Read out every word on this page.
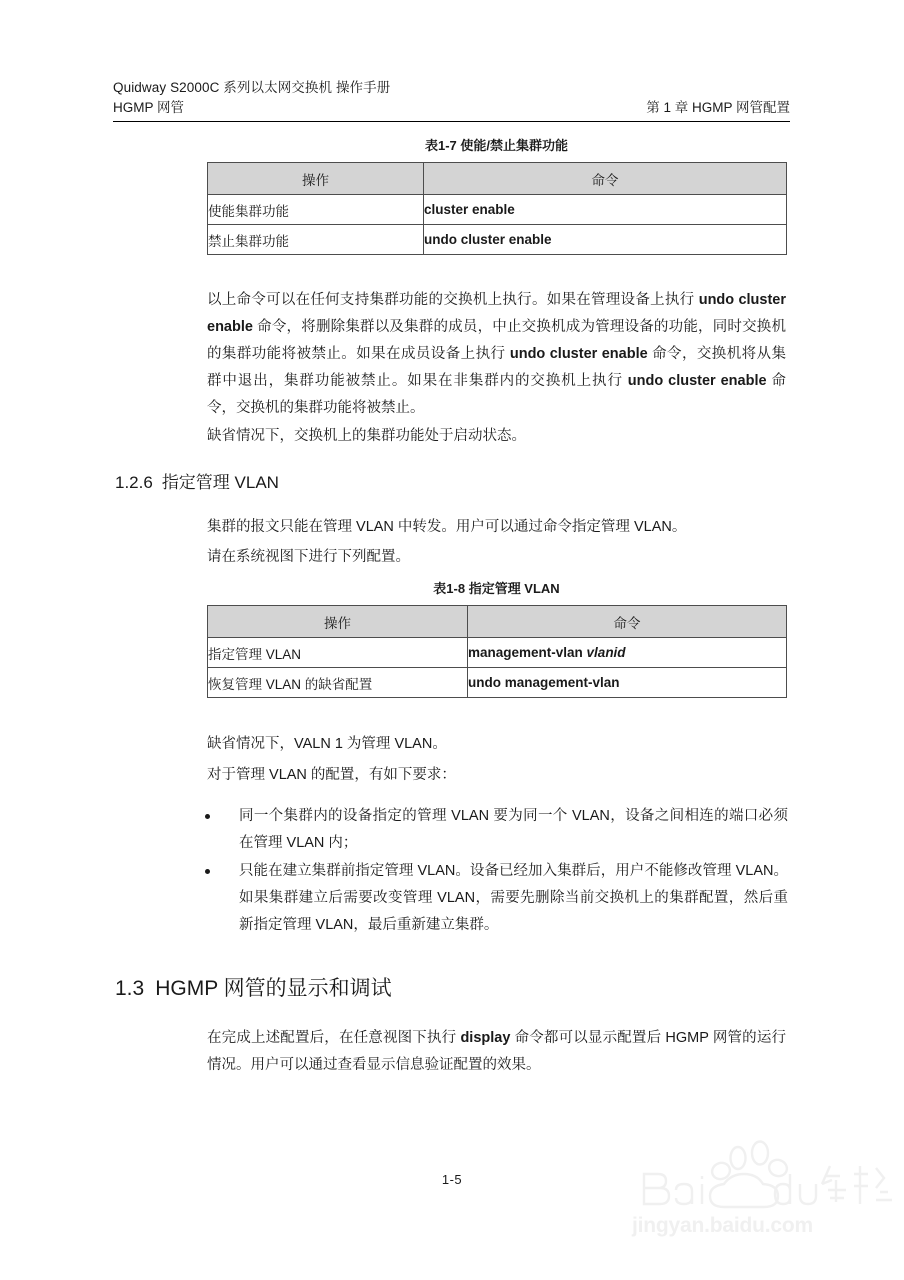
Quidway S2000C 系列以太网交换机 操作手册
HGMP 网管	第 1 章 HGMP 网管配置
表1-7 使能/禁止集群功能
操作	命令
使能集群功能	cluster enable
禁止集群功能	undo cluster enable

以上命令可以在任何支持集群功能的交换机上执行。如果在管理设备上执行 undo cluster enable 命令，将删除集群以及集群的成员，中止交换机成为管理设备的功能，同时交换机的集群功能将被禁止。如果在成员设备上执行 undo cluster enable 命令，交换机将从集群中退出，集群功能被禁止。如果在非集群内的交换机上执行 undo cluster enable 命令，交换机的集群功能将被禁止。

缺省情况下，交换机上的集群功能处于启动状态。

1.2.6 指定管理 VLAN

集群的报文只能在管理 VLAN 中转发。用户可以通过命令指定管理 VLAN。

请在系统视图下进行下列配置。

表1-8 指定管理 VLAN
操作	命令
指定管理 VLAN	management-vlan vlanid
恢复管理 VLAN 的缺省配置	undo management-vlan

缺省情况下，VALN 1 为管理 VLAN。

对于管理 VLAN 的配置，有如下要求：

同一个集群内的设备指定的管理 VLAN 要为同一个 VLAN，设备之间相连的端口必须在管理 VLAN 内；
只能在建立集群前指定管理 VLAN。设备已经加入集群后，用户不能修改管理 VLAN。如果集群建立后需要改变管理 VLAN，需要先删除当前交换机上的集群配置，然后重新指定管理 VLAN，最后重新建立集群。
1.3 HGMP 网管的显示和调试

在完成上述配置后，在任意视图下执行 display 命令都可以显示配置后 HGMP 网管的运行情况。用户可以通过查看显示信息验证配置的效果。

1-5
jingyan.baidu.com
